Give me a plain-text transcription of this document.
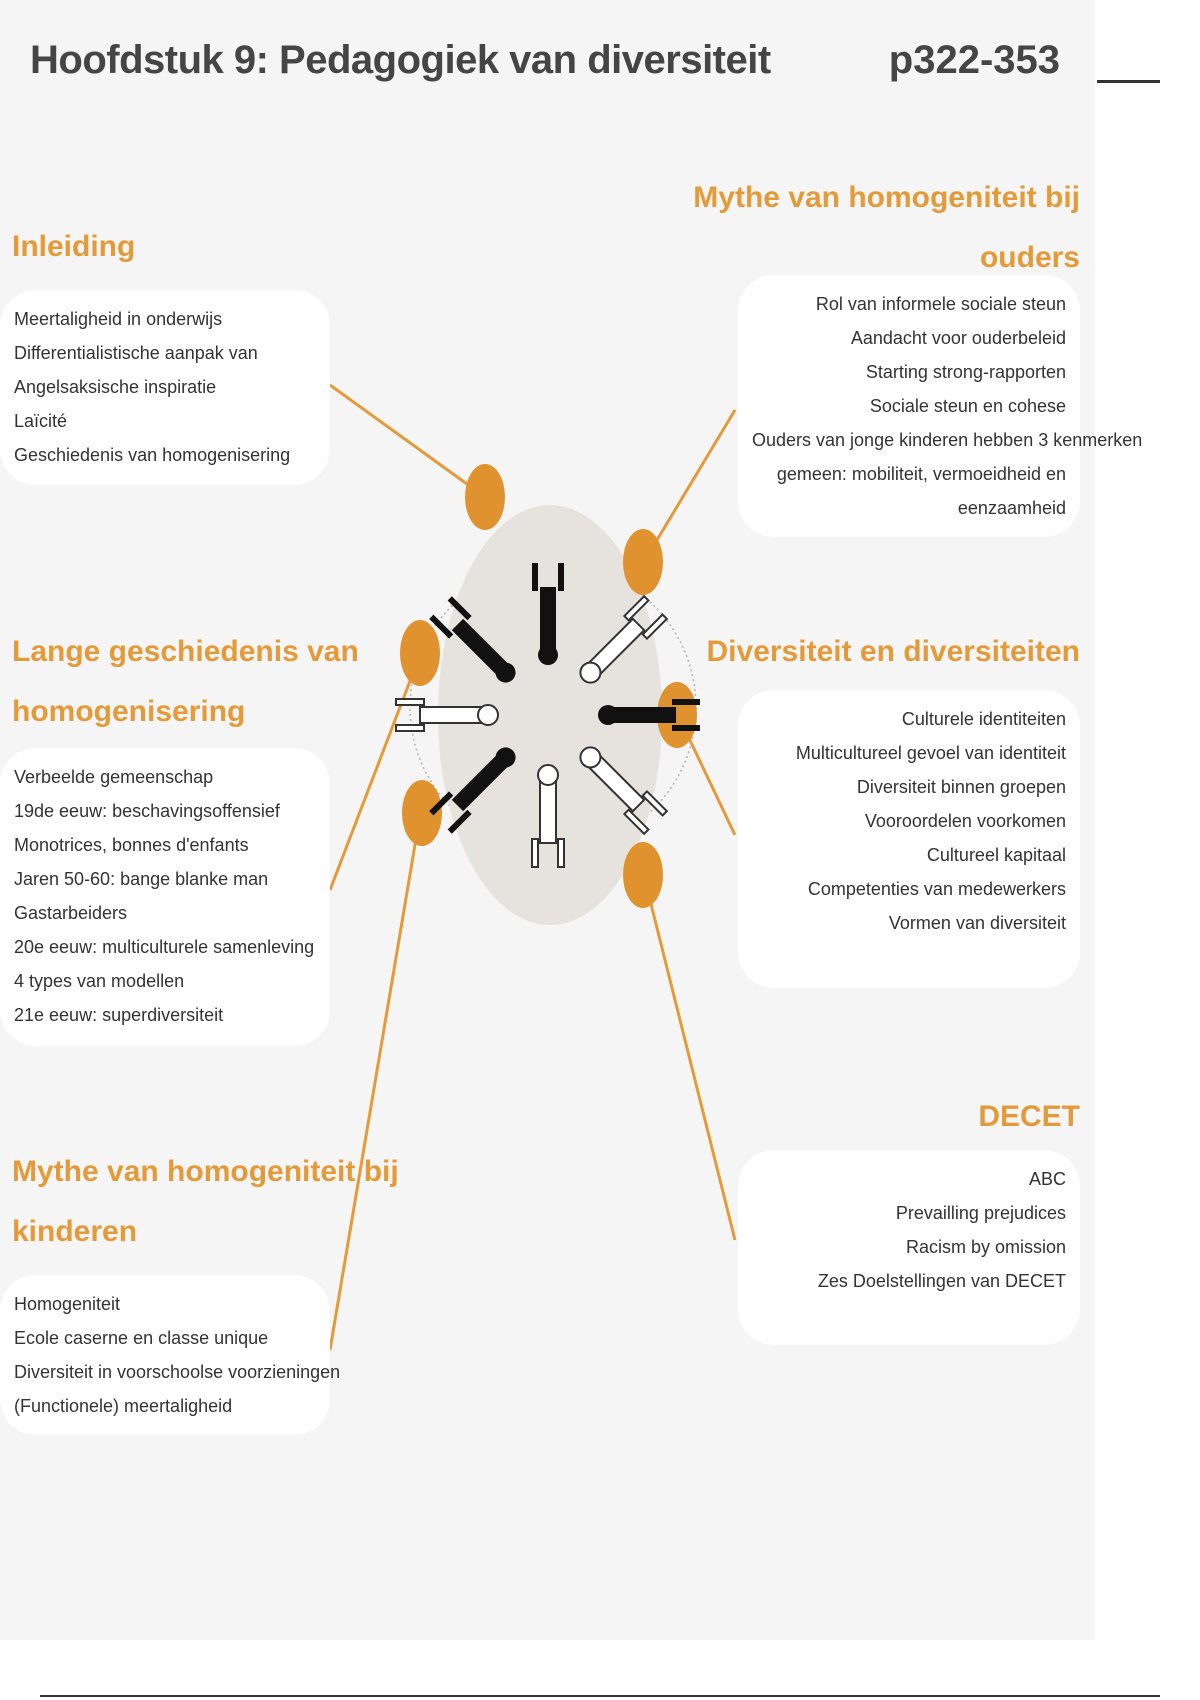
Hoofdstuk 9: Pedagogiek van diversiteit	p322-353
Inleiding
Meertaligheid in onderwijs
Differentialistische aanpak van
Angelsaksische inspiratie
Laïcité
Geschiedenis van homogenisering
Lange geschiedenis van
homogenisering
Verbeelde gemeenschap
19de eeuw: beschavingsoffensief
Monotrices, bonnes d'enfants
Jaren 50-60: bange blanke man
Gastarbeiders
20e eeuw: multiculturele samenleving
4 types van modellen
21e eeuw: superdiversiteit
Mythe van homogeniteit bij
kinderen
Homogeniteit
Ecole caserne en classe unique
Diversiteit in voorschoolse voorzieningen
(Functionele) meertaligheid
Mythe van homogeniteit bij
ouders
Rol van informele sociale steun
Aandacht voor ouderbeleid
Starting strong-rapporten
Sociale steun en cohese
Ouders van jonge kinderen hebben 3 kenmerken
gemeen: mobiliteit, vermoeidheid en
eenzaamheid
Diversiteit en diversiteiten
Culturele identiteiten
Multicultureel gevoel van identiteit
Diversiteit binnen groepen
Vooroordelen voorkomen
Cultureel kapitaal
Competenties van medewerkers
Vormen van diversiteit
DECET
ABC
Prevailling prejudices
Racism by omission
Zes Doelstellingen van DECET
